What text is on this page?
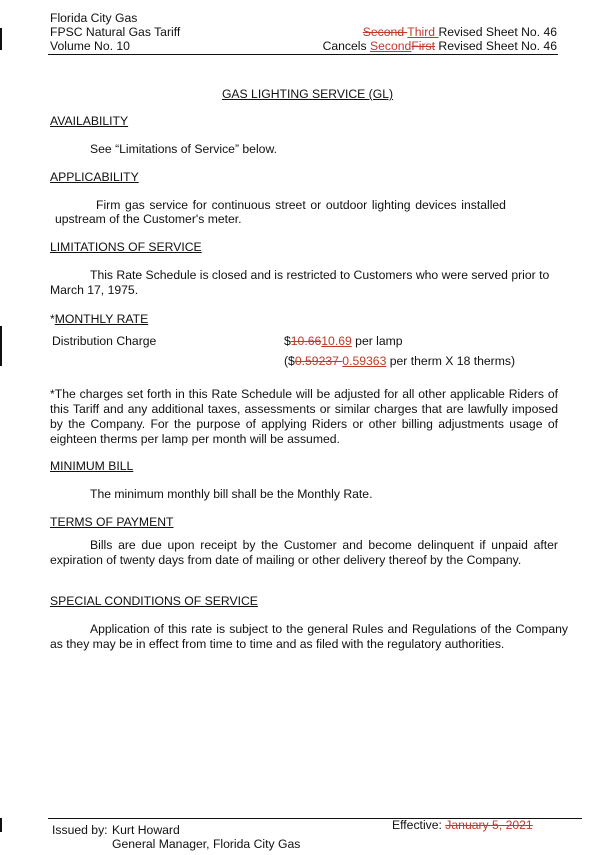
Florida City Gas
FPSC Natural Gas Tariff
Volume No. 10
Second Third Revised Sheet No. 46
Cancels SecondFirst Revised Sheet No. 46
GAS LIGHTING SERVICE (GL)
AVAILABILITY
See “Limitations of Service” below.
APPLICABILITY
Firm gas service for continuous street or outdoor lighting devices installed
upstream of the Customer's meter.
LIMITATIONS OF SERVICE
This Rate Schedule is closed and is restricted to Customers who were served prior to
March 17, 1975.
*MONTHLY RATE
Distribution Charge	$10.6610.69 per lamp
($0.59237 0.59363 per therm X 18 therms)
*The charges set forth in this Rate Schedule will be adjusted for all other applicable Riders of this Tariff and any additional taxes, assessments or similar charges that are lawfully imposed by the Company. For the purpose of applying Riders or other billing adjustments usage of eighteen therms per lamp per month will be assumed.
MINIMUM BILL
The minimum monthly bill shall be the Monthly Rate.
TERMS OF PAYMENT
Bills are due upon receipt by the Customer and become delinquent if unpaid after expiration of twenty days from date of mailing or other delivery thereof by the Company.
SPECIAL CONDITIONS OF SERVICE
Application of this rate is subject to the general Rules and Regulations of the Company as they may be in effect from time to time and as filed with the regulatory authorities.
Issued by: Kurt Howard
General Manager, Florida City Gas
Effective: January 5, 2021
